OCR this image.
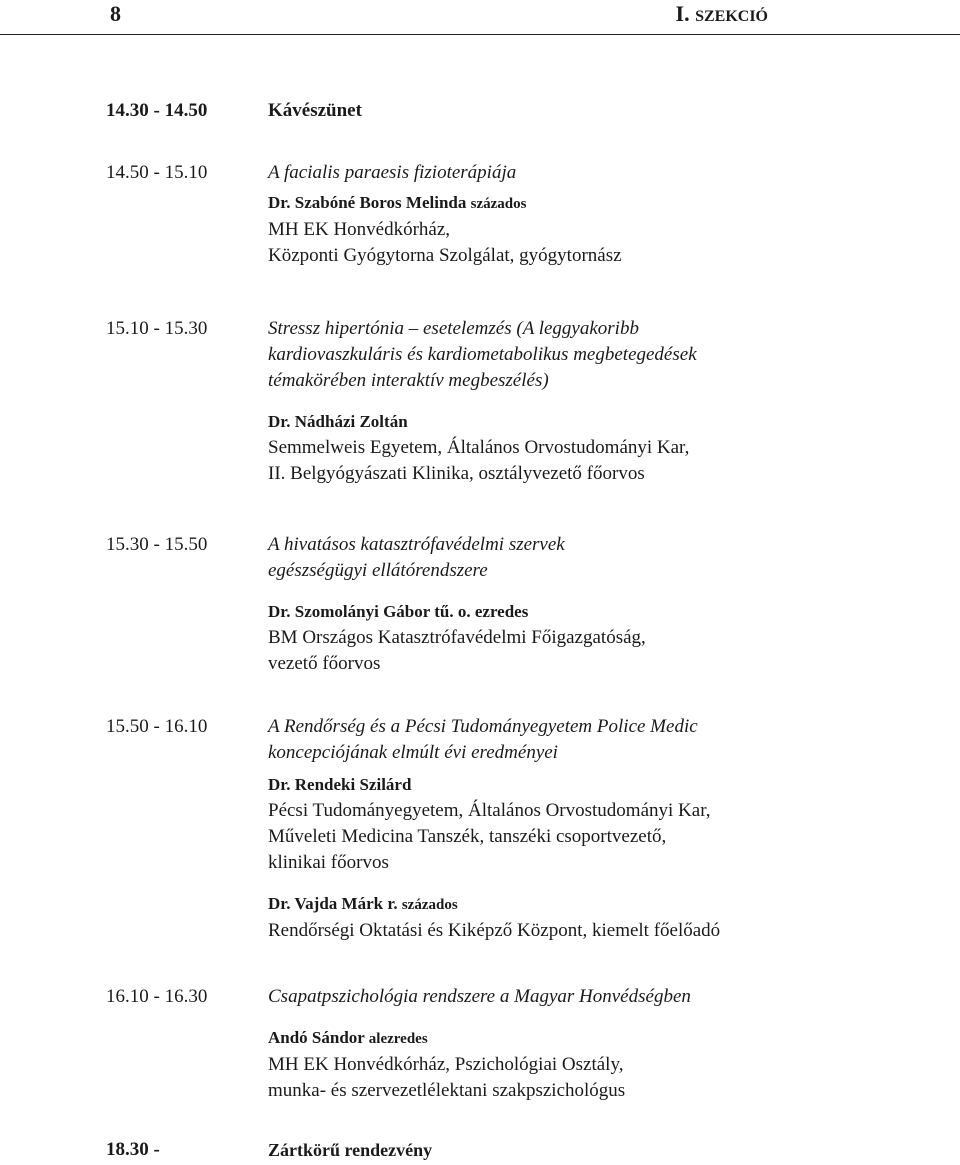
8	I. SZEKCIÓ
14.30 - 14.50	Kávészünet
14.50 - 15.10	A facialis paraesis fizioterápiája
Dr. Szabóné Boros Melinda százados
MH EK Honvédkórház,
Központi Gyógytorna Szolgálat, gyógytornász
15.10 - 15.30	Stressz hipertónia – esetelemzés (A leggyakoribb
kardiovaszkuláris és kardiometabolikus megbetegedések
témakörében interaktív megbeszélés)
Dr. Nádházi Zoltán
Semmelweis Egyetem, Általános Orvostudományi Kar,
II. Belgyógyászati Klinika, osztályvezető főorvos
15.30 - 15.50	A hivatásos katasztrófavédelmi szervek
egészségügyi ellátórendszere
Dr. Szomolányi Gábor tű. o. ezredes
BM Országos Katasztrófavédelmi Főigazgatóság,
vezető főorvos
15.50 - 16.10	A Rendőrség és a Pécsi Tudományegyetem Police Medic
koncepciójának elmúlt évi eredményei
Dr. Rendeki Szilárd
Pécsi Tudományegyetem, Általános Orvostudományi Kar,
Műveleti Medicina Tanszék, tanszéki csoportvezető,
klinikai főorvos
Dr. Vajda Márk r. százados
Rendőrségi Oktatási és Kiképző Központ, kiemelt főelőadó
16.10 - 16.30	Csapatpszichológia rendszere a Magyar Honvédségben
Andó Sándor alezredes
MH EK Honvédkórház, Pszichológiai Osztály,
munka- és szervezetlélektani szakpszichológus
18.30 -	Zártkörű rendezvény
